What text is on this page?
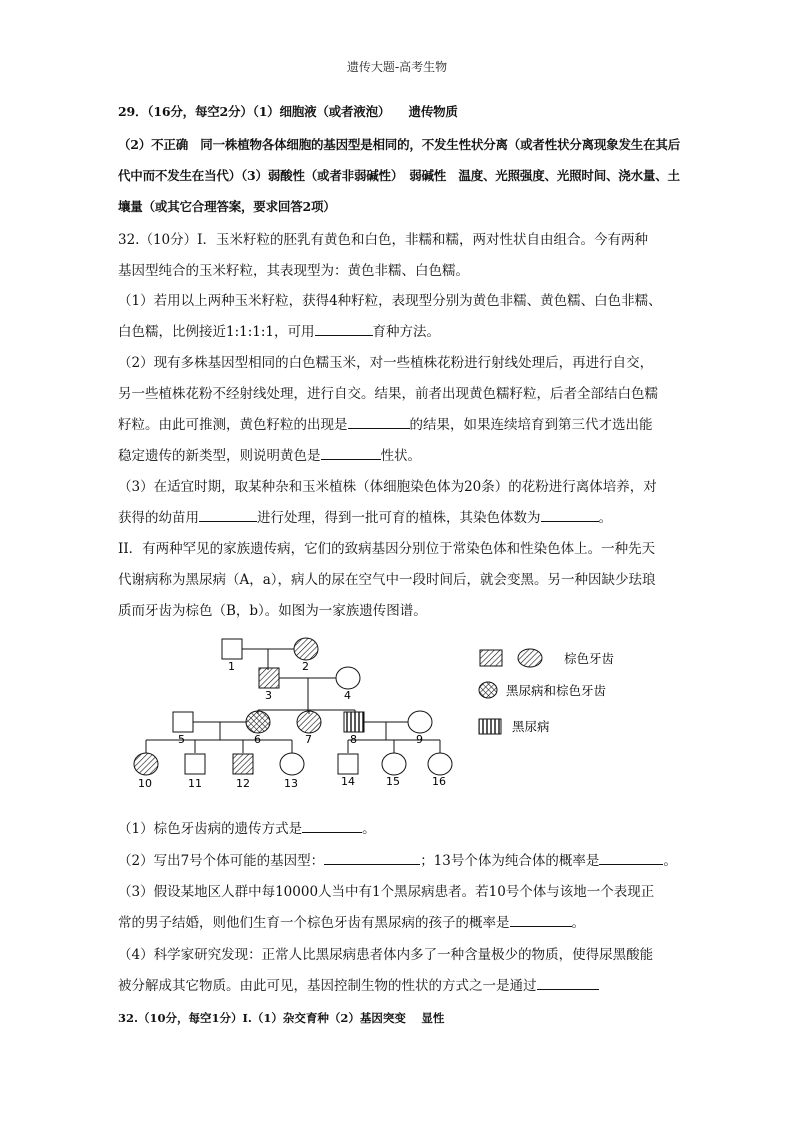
遗传大题-高考生物

29．（16分，每空2分）（1）细胞液（或者液泡）　　遗传物质

（2）不正确　同一株植物各体细胞的基因型是相同的，不发生性状分离（或者性状分离现象发生在其后

代中而不发生在当代）（3）弱酸性（或者非弱碱性）　弱碱性　温度、光照强度、光照时间、浇水量、土

壤量（或其它合理答案，要求回答2项）

32.（10分）I．玉米籽粒的胚乳有黄色和白色，非糯和糯，两对性状自由组合。今有两种

基因型纯合的玉米籽粒，其表现型为：黄色非糯、白色糯。

（1）若用以上两种玉米籽粒，获得4种籽粒，表现型分别为黄色非糯、黄色糯、白色非糯、

白色糯，比例接近1:1:1:1，可用	育种方法。

（2）现有多株基因型相同的白色糯玉米，对一些植株花粉进行射线处理后，再进行自交，

另一些植株花粉不经射线处理，进行自交。结果，前者出现黄色糯籽粒，后者全部结白色糯

籽粒。由此可推测，黄色籽粒的出现是	的结果，如果连续培育到第三代才选出能

稳定遗传的新类型，则说明黄色是	性状。

（3）在适宜时期，取某种杂和玉米植株（体细胞染色体为20条）的花粉进行离体培养，对

获得的幼苗用	进行处理，得到一批可育的植株，其染色体数为	。

II．有两种罕见的家族遗传病，它们的致病基因分别位于常染色体和性染色体上。一种先天

代谢病称为黑尿病（A，a），病人的尿在空气中一段时间后，就会变黑。另一种因缺少珐琅

质而牙齿为棕色（B，b）。如图为一家族遗传图谱。

1	2
3	4
5	6	7	8	9
10	11	12	13	14	15	16
棕色牙齿
黑尿病和棕色牙齿
黑尿病

（1）棕色牙齿病的遗传方式是	。

（2）写出7号个体可能的基因型：	；13号个体为纯合体的概率是	。

（3）假设某地区人群中每10000人当中有1个黑尿病患者。若10号个体与该地一个表现正

常的男子结婚，则他们生育一个棕色牙齿有黑尿病的孩子的概率是	。

（4）科学家研究发现：正常人比黑尿病患者体内多了一种含量极少的物质，使得尿黑酸能

被分解成其它物质。由此可见，基因控制生物的性状的方式之一是通过

32.（10分，每空1分）I.（1）杂交育种（2）基因突变　 显性
